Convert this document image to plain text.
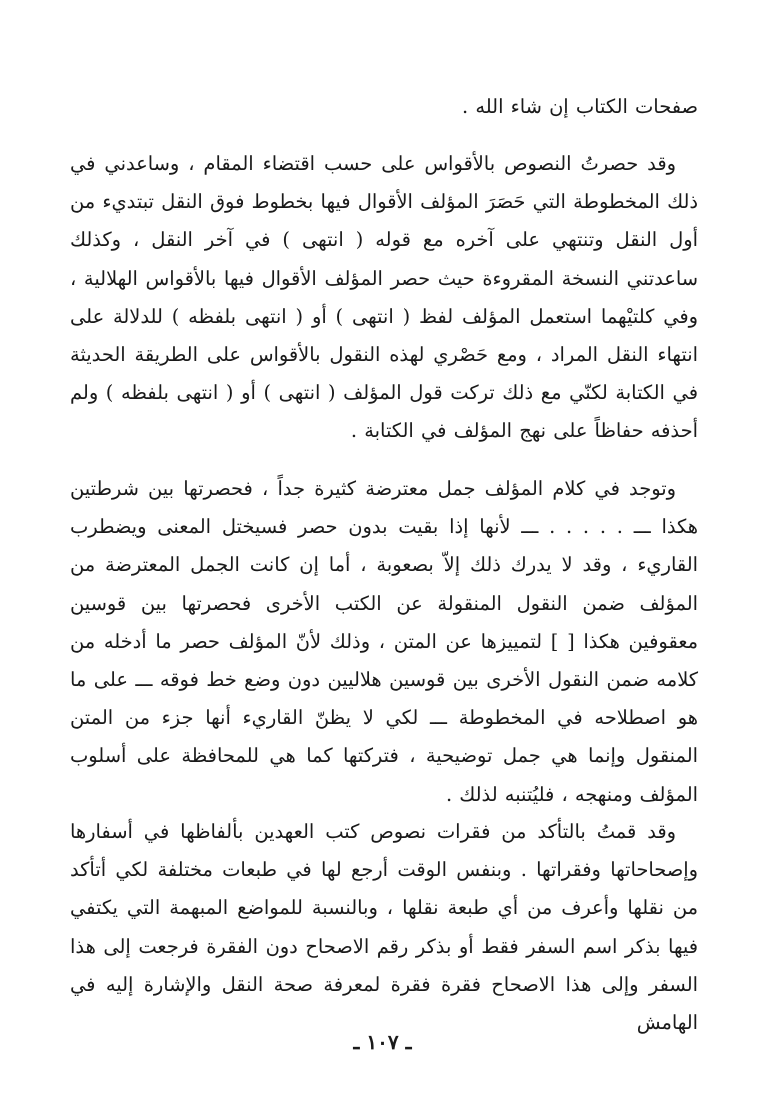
صفحات الكتاب إن شاء الله .

وقد حصرتُ النصوص بالأقواس على حسب اقتضاء المقام ، وساعدني في ذلك المخطوطة التي حَصَرَ المؤلف الأقوال فيها بخطوط فوق النقل تبتديء من أول النقل وتنتهي على آخره مع قوله ( انتهى ) في آخر النقل ، وكذلك ساعدتني النسخة المقروءة حيث حصر المؤلف الأقوال فيها بالأقواس الهلالية ، وفي كلتيْهما استعمل المؤلف لفظ ( انتهى ) أو ( انتهى بلفظه ) للدلالة على انتهاء النقل المراد ، ومع حَصْري لهذه النقول بالأقواس على الطريقة الحديثة في الكتابة لكنّي مع ذلك تركت قول المؤلف ( انتهى ) أو ( انتهى بلفظه ) ولم أحذفه حفاظاً على نهج المؤلف في الكتابة .

وتوجد في كلام المؤلف جمل معترضة كثيرة جداً ، فحصرتها بين شرطتين هكذا ـــ . . . . . ـــ لأنها إذا بقيت بدون حصر فسيختل المعنى ويضطرب القاريء ، وقد لا يدرك ذلك إلاّ بصعوبة ، أما إن كانت الجمل المعترضة من المؤلف ضمن النقول المنقولة عن الكتب الأخرى فحصرتها بين قوسين معقوفين هكذا [ ] لتمييزها عن المتن ، وذلك لأنّ المؤلف حصر ما أدخله من كلامه ضمن النقول الأخرى بين قوسين هلاليين دون وضع خط فوقه ـــ على ما هو اصطلاحه في المخطوطة ـــ لكي لا يظنّ القاريء أنها جزء من المتن المنقول وإنما هي جمل توضيحية ، فتركتها كما هي للمحافظة على أسلوب المؤلف ومنهجه ، فليُتنبه لذلك .

وقد قمتُ بالتأكد من فقرات نصوص كتب العهدين بألفاظها في أسفارها وإصحاحاتها وفقراتها . وبنفس الوقت أرجع لها في طبعات مختلفة لكي أتأكد من نقلها وأعرف من أي طبعة نقلها ، وبالنسبة للمواضع المبهمة التي يكتفي فيها بذكر اسم السفر فقط أو بذكر رقم الاصحاح دون الفقرة فرجعت إلى هذا السفر وإلى هذا الاصحاح فقرة فقرة لمعرفة صحة النقل والإشارة إليه في الهامش

ـ ١٠٧ ـ
